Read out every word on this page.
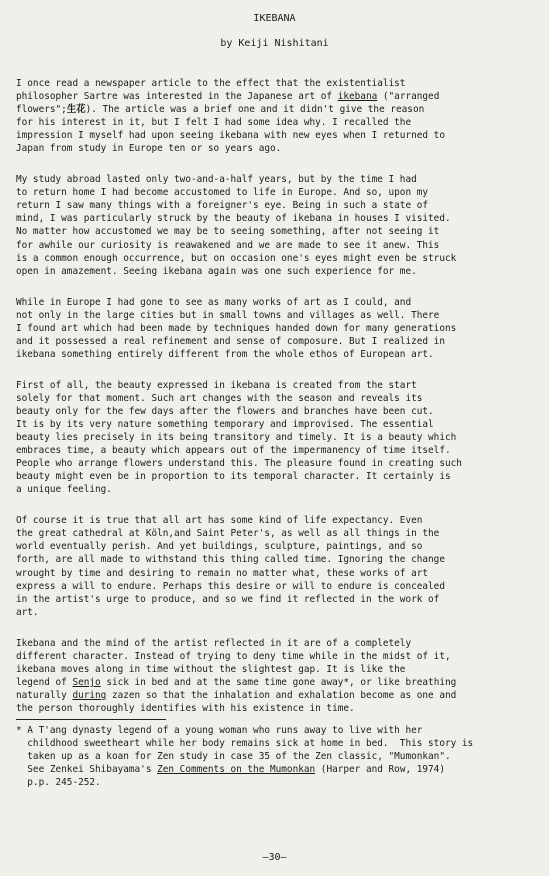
IKEBANA
by Keiji Nishitani

I once read a newspaper article to the effect that the existentialist
philosopher Sartre was interested in the Japanese art of ikebana ("arranged
flowers";生花). The article was a brief one and it didn't give the reason
for his interest in it, but I felt I had some idea why. I recalled the
impression I myself had upon seeing ikebana with new eyes when I returned to
Japan from study in Europe ten or so years ago.

My study abroad lasted only two-and-a-half years, but by the time I had
to return home I had become accustomed to life in Europe. And so, upon my
return I saw many things with a foreigner's eye. Being in such a state of
mind, I was particularly struck by the beauty of ikebana in houses I visited.
No matter how accustomed we may be to seeing something, after not seeing it
for awhile our curiosity is reawakened and we are made to see it anew. This
is a common enough occurrence, but on occasion one's eyes might even be struck
open in amazement. Seeing ikebana again was one such experience for me.

While in Europe I had gone to see as many works of art as I could, and
not only in the large cities but in small towns and villages as well. There
I found art which had been made by techniques handed down for many generations
and it possessed a real refinement and sense of composure. But I realized in
ikebana something entirely different from the whole ethos of European art.

First of all, the beauty expressed in ikebana is created from the start
solely for that moment. Such art changes with the season and reveals its
beauty only for the few days after the flowers and branches have been cut.
It is by its very nature something temporary and improvised. The essential
beauty lies precisely in its being transitory and timely. It is a beauty which
embraces time, a beauty which appears out of the impermanency of time itself.
People who arrange flowers understand this. The pleasure found in creating such
beauty might even be in proportion to its temporal character. It certainly is
a unique feeling.

Of course it is true that all art has some kind of life expectancy. Even
the great cathedral at Köln,and Saint Peter's, as well as all things in the
world eventually perish. And yet buildings, sculpture, paintings, and so
forth, are all made to withstand this thing called time. Ignoring the change
wrought by time and desiring to remain no matter what, these works of art
express a will to endure. Perhaps this desire or will to endure is concealed
in the artist's urge to produce, and so we find it reflected in the work of
art.

Ikebana and the mind of the artist reflected in it are of a completely
different character. Instead of trying to deny time while in the midst of it,
ikebana moves along in time without the slightest gap. It is like the
legend of Senjo sick in bed and at the same time gone away*, or like breathing
naturally during zazen so that the inhalation and exhalation become as one and
the person thoroughly identifies with his existence in time.

* A T'ang dynasty legend of a young woman who runs away to live with her
childhood sweetheart while her body remains sick at home in bed.  This story is
taken up as a koan for Zen study in case 35 of the Zen classic, "Mumonkan".
See Zenkei Shibayama's Zen Comments on the Mumonkan (Harper and Row, 1974)
p.p. 245-252.
—30—
